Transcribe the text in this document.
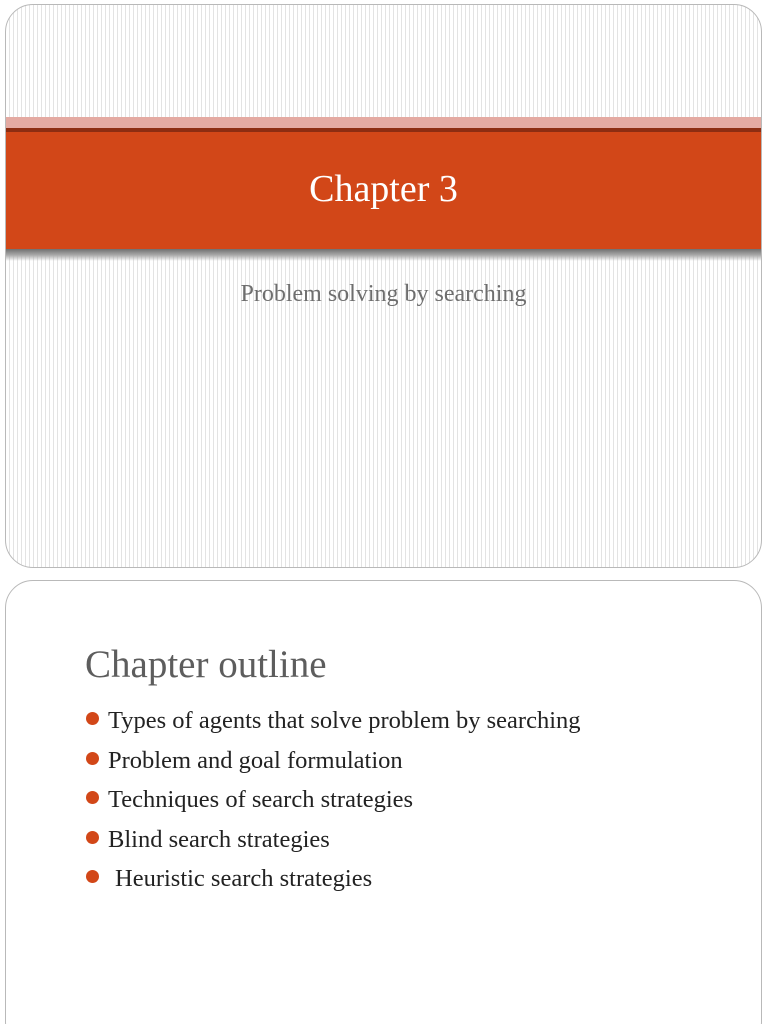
Chapter 3
Problem solving by searching
Chapter outline
Types of agents that solve problem by searching
Problem and goal formulation
Techniques of search strategies
Blind search strategies
Heuristic search strategies
